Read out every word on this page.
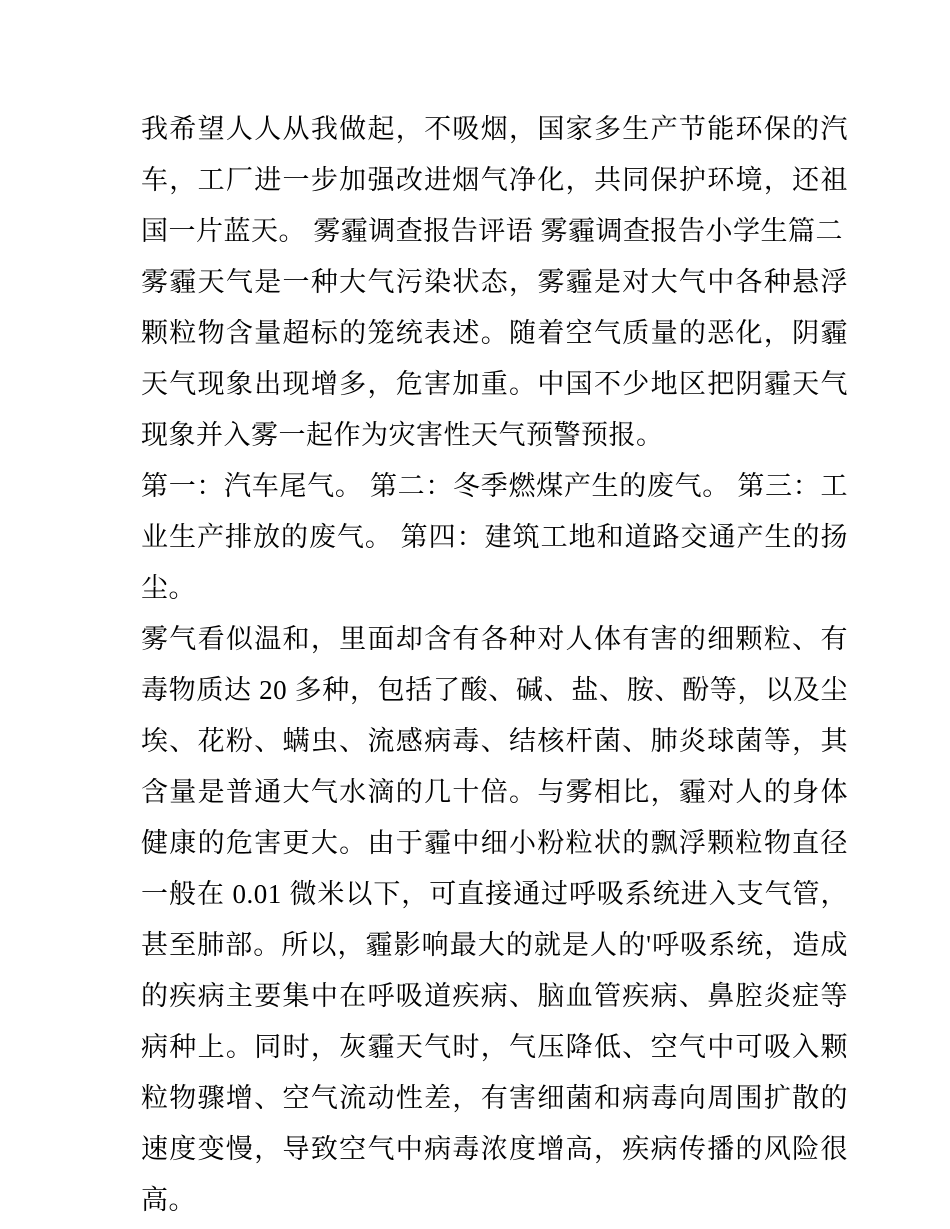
我希望人人从我做起，不吸烟，国家多生产节能环保的汽车，工厂进一步加强改进烟气净化，共同保护环境，还祖国一片蓝天。 雾霾调查报告评语 雾霾调查报告小学生篇二

雾霾天气是一种大气污染状态，雾霾是对大气中各种悬浮颗粒物含量超标的笼统表述。随着空气质量的恶化，阴霾天气现象出现增多，危害加重。中国不少地区把阴霾天气现象并入雾一起作为灾害性天气预警预报。

第一：汽车尾气。 第二：冬季燃煤产生的废气。 第三：工业生产排放的废气。 第四：建筑工地和道路交通产生的扬尘。

雾气看似温和，里面却含有各种对人体有害的细颗粒、有毒物质达 20 多种，包括了酸、碱、盐、胺、酚等，以及尘埃、花粉、螨虫、流感病毒、结核杆菌、肺炎球菌等，其含量是普通大气水滴的几十倍。与雾相比，霾对人的身体健康的危害更大。由于霾中细小粉粒状的飘浮颗粒物直径一般在 0.01 微米以下，可直接通过呼吸系统进入支气管，甚至肺部。所以，霾影响最大的就是人的'呼吸系统，造成的疾病主要集中在呼吸道疾病、脑血管疾病、鼻腔炎症等病种上。同时，灰霾天气时，气压降低、空气中可吸入颗粒物骤增、空气流动性差，有害细菌和病毒向周围扩散的速度变慢，导致空气中病毒浓度增高，疾病传播的风险很高。
